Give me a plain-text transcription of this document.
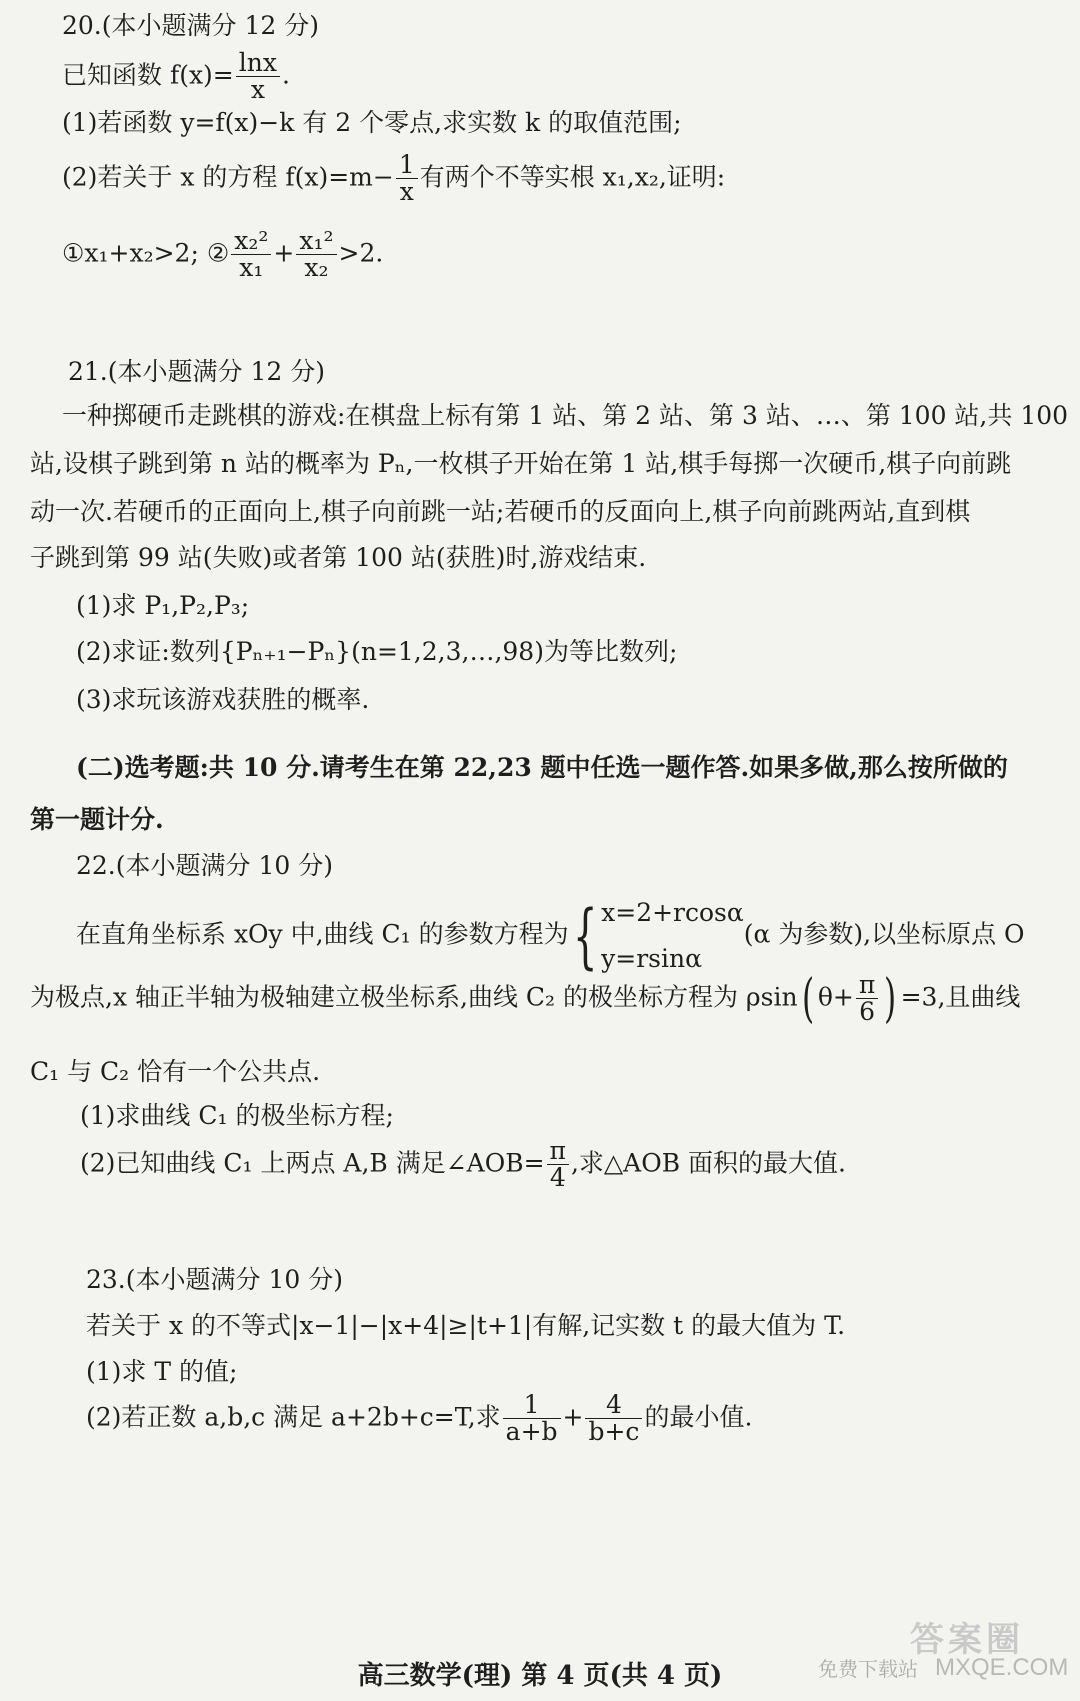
20.(本小题满分 12 分)
已知函数 $f(x)= \frac{\ln x}{x}$ .
(1)若函数 y=f(x)−k 有 2 个零点,求实数 k 的取值范围;
(2)若关于 x 的方程 $f(x)=m- \frac{1}{x}$ 有两个不等实根 x₁,x₂,证明:
①x₁+x₂>2; ② $\frac{\text{x₂²}}{\text{x₁}} + \frac{\text{x₁²}}{\text{x₂}} >2$.
21.(本小题满分 12 分)
一种掷硬币走跳棋的游戏:在棋盘上标有第 1 站、第 2 站、第 3 站、…、第 100 站,共 100
站,设棋子跳到第 n 站的概率为 Pₙ,一枚棋子开始在第 1 站,棋手每掷一次硬币,棋子向前跳
动一次.若硬币的正面向上,棋子向前跳一站;若硬币的反面向上,棋子向前跳两站,直到棋
子跳到第 99 站(失败)或者第 100 站(获胜)时,游戏结束.
(1)求 P₁,P₂,P₃;
(2)求证:数列{Pₙ₊₁−Pₙ}(n=1,2,3,…,98)为等比数列;
(3)求玩该游戏获胜的概率.
(二)选考题:共 10 分.请考生在第 22,23 题中任选一题作答.如果多做,那么按所做的
第一题计分.
22.(本小题满分 10 分)
在直角坐标系 xOy 中,曲线 C₁ 的参数方程为{ x=2+rcosα
y=rsinα
(α 为参数),以坐标原点 O
为极点,x 轴正半轴为极轴建立极坐标系,曲线 C₂ 的极坐标方程为 ρsin( $\theta+ \frac{\pi}{6}$ ) =3,且曲线
C₁ 与 C₂ 恰有一个公共点.
(1)求曲线 C₁ 的极坐标方程;
(2)已知曲线 C₁ 上两点 A,B 满足∠AOB= $\frac{\pi}{4}$ ,求△AOB 面积的最大值.
23.(本小题满分 10 分)
若关于 x 的不等式|x−1|−|x+4|≥|t+1|有解,记实数 t 的最大值为 T.
(1)求 T 的值;
(2)若正数 a,b,c 满足 a+2b+c=T,求 $\frac{1}{a+b} + \frac{4}{b+c}$ 的最小值.
免费下载站
答案圈
MXQE.COM
高三数学(理) 第 4 页(共 4 页)
